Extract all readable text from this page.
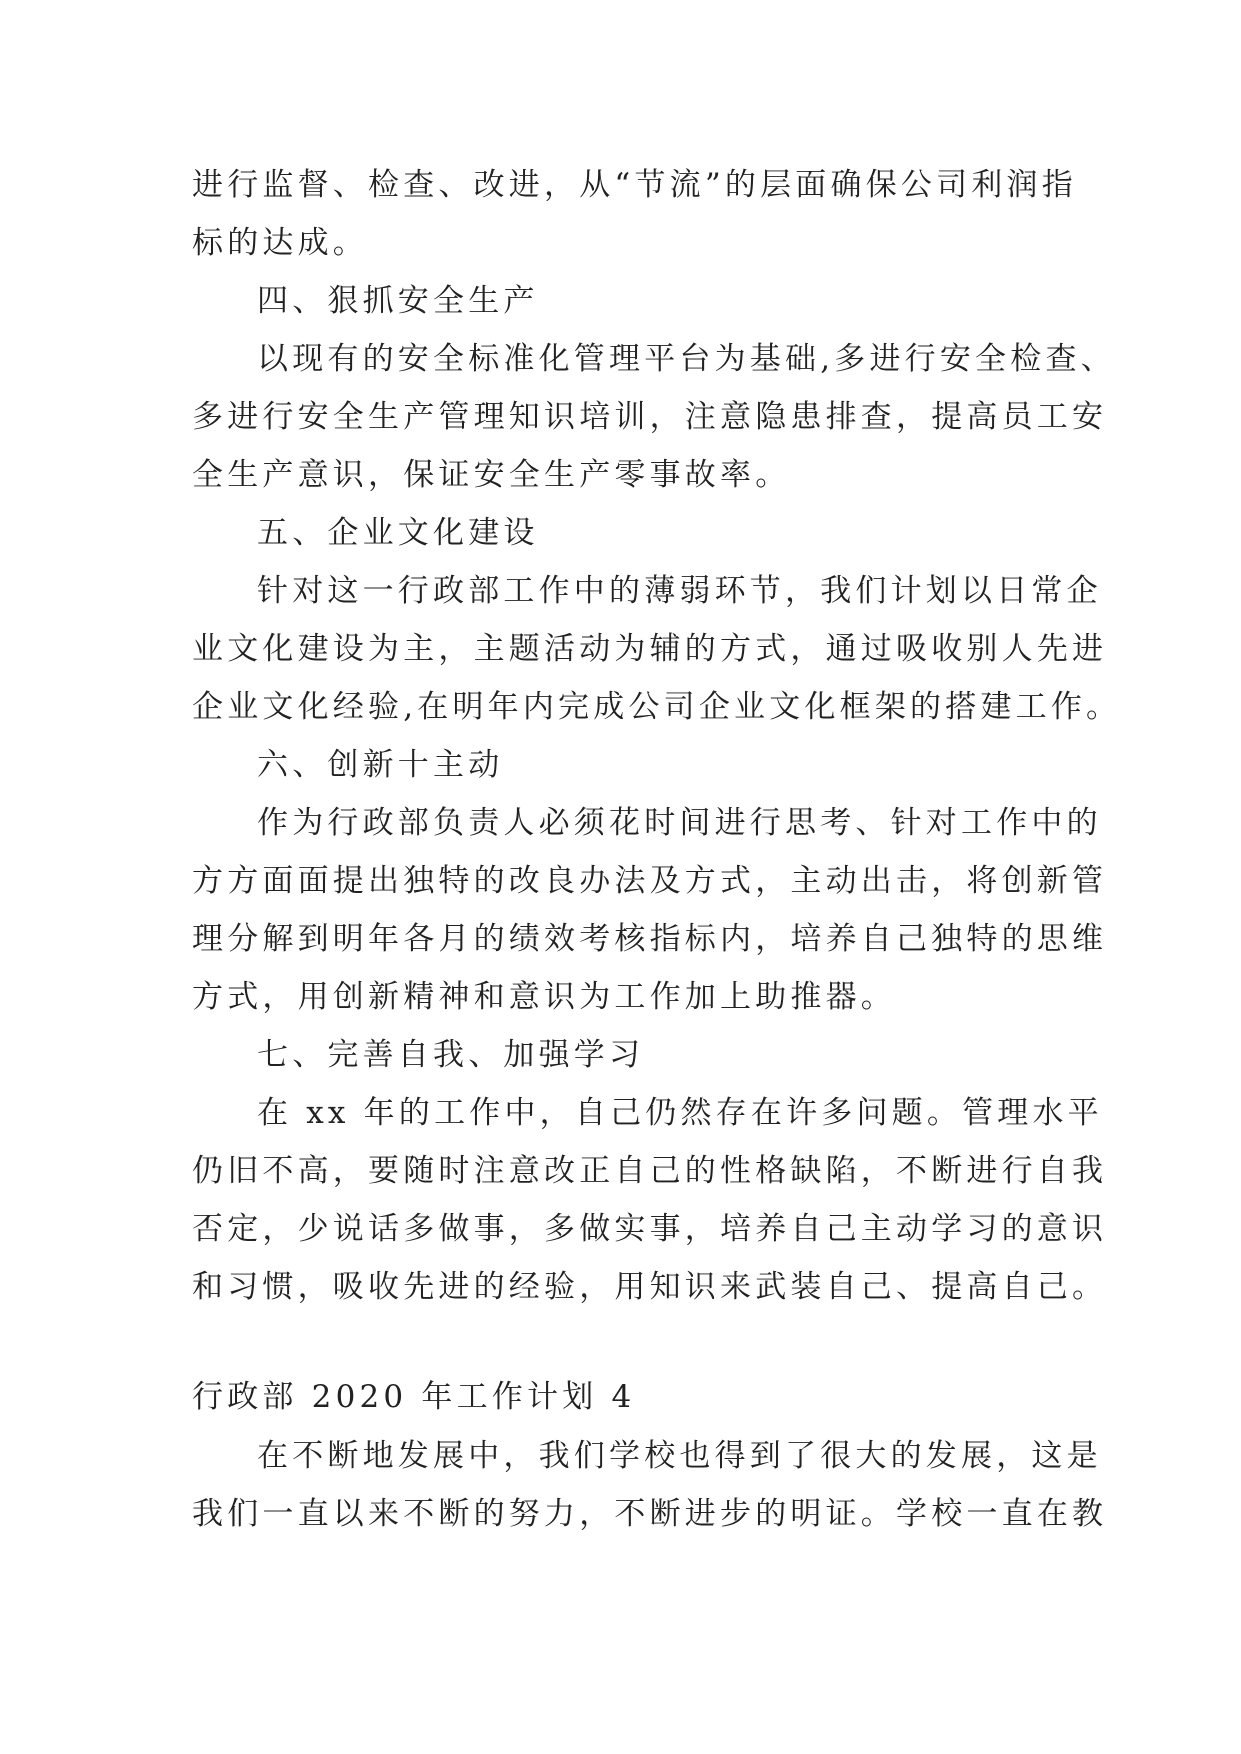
进行监督、检查、改进，从“节流”的层面确保公司利润指
标的达成。
四、狠抓安全生产
以现有的安全标准化管理平台为基础,多进行安全检查、
多进行安全生产管理知识培训，注意隐患排查，提高员工安
全生产意识，保证安全生产零事故率。
五、企业文化建设
针对这一行政部工作中的薄弱环节，我们计划以日常企
业文化建设为主，主题活动为辅的方式，通过吸收别人先进
企业文化经验,在明年内完成公司企业文化框架的搭建工作。
六、创新十主动
作为行政部负责人必须花时间进行思考、针对工作中的
方方面面提出独特的改良办法及方式，主动出击，将创新管
理分解到明年各月的绩效考核指标内，培养自己独特的思维
方式，用创新精神和意识为工作加上助推器。
七、完善自我、加强学习
在 xx 年的工作中，自己仍然存在许多问题。管理水平
仍旧不高，要随时注意改正自己的性格缺陷，不断进行自我
否定，少说话多做事，多做实事，培养自己主动学习的意识
和习惯，吸收先进的经验，用知识来武装自己、提高自己。
行政部 2020 年工作计划 4
在不断地发展中，我们学校也得到了很大的发展，这是
我们一直以来不断的努力，不断进步的明证。学校一直在教
